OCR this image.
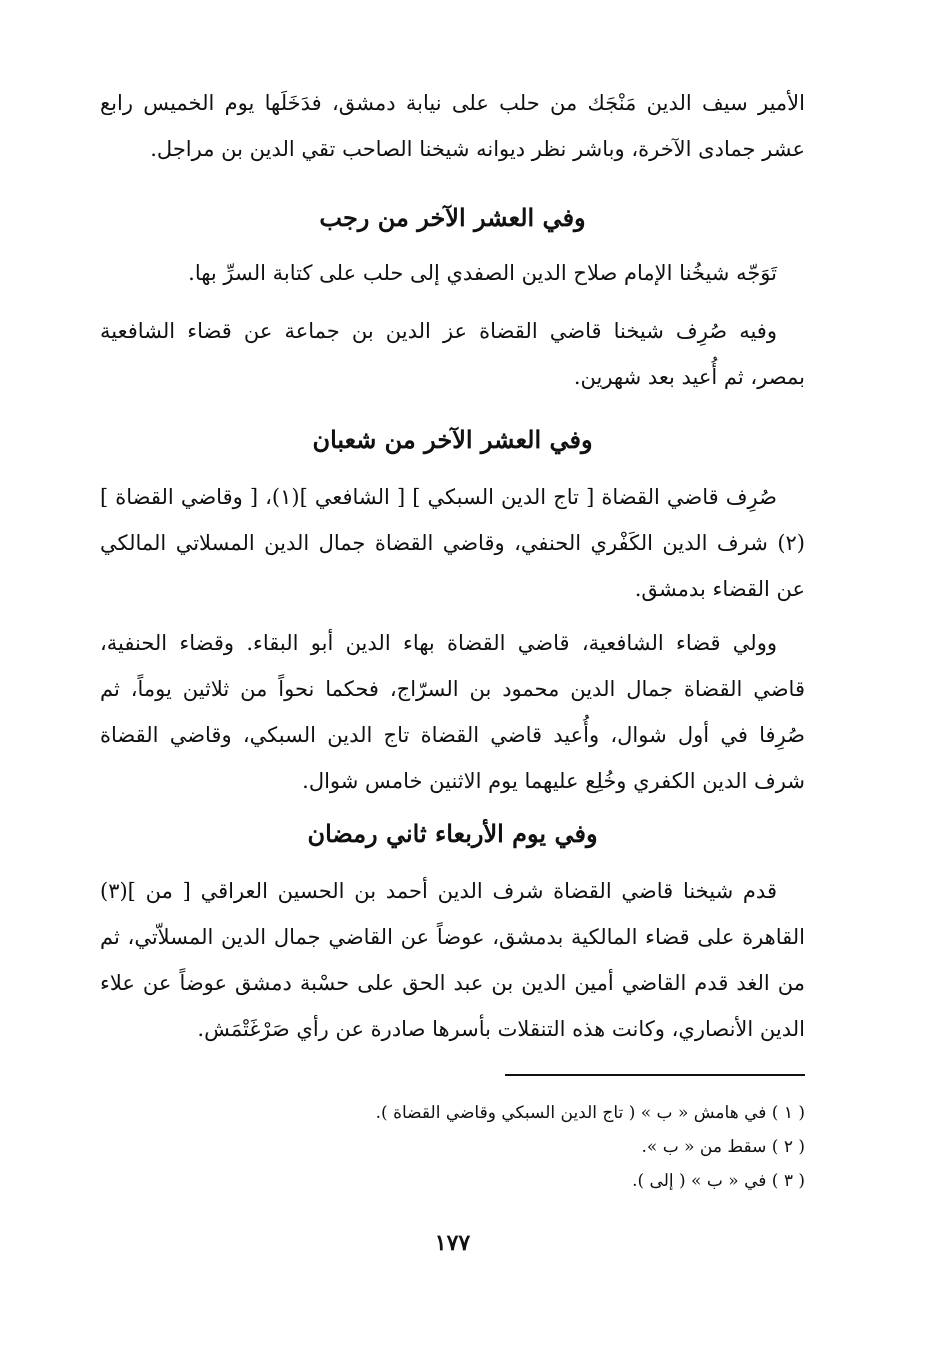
الأمير سيف الدين مَنْجَك من حلب على نيابة دمشق، فدَخَلَها يوم الخميس رابع عشر جمادى الآخرة، وباشر نظر ديوانه شيخنا الصاحب تقي الدين بن مراجل.

وفي العشر الآخر من رجب

تَوَجّه شيخُنا الإمام صلاح الدين الصفدي إلى حلب على كتابة السرِّ بها.

وفيه صُرِف شيخنا قاضي القضاة عز الدين بن جماعة عن قضاء الشافعية بمصر، ثم أُعيد بعد شهرين.

وفي العشر الآخر من شعبان

صُرِف قاضي القضاة [ تاج الدين السبكي ] [ الشافعي ](١)، [ وقاضي القضاة ](٢) شرف الدين الكَفْري الحنفي، وقاضي القضاة جمال الدين المسلاتي المالكي عن القضاء بدمشق.

وولي قضاء الشافعية، قاضي القضاة بهاء الدين أبو البقاء. وقضاء الحنفية، قاضي القضاة جمال الدين محمود بن السرّاج، فحكما نحواً من ثلاثين يوماً، ثم صُرِفا في أول شوال، وأُعيد قاضي القضاة تاج الدين السبكي، وقاضي القضاة شرف الدين الكفري وخُلِع عليهما يوم الاثنين خامس شوال.

وفي يوم الأربعاء ثاني رمضان

قدم شيخنا قاضي القضاة شرف الدين أحمد بن الحسين العراقي [ من ](٣) القاهرة على قضاء المالكية بدمشق، عوضاً عن القاضي جمال الدين المسلاّتي، ثم من الغد قدم القاضي أمين الدين بن عبد الحق على حسْبة دمشق عوضاً عن علاء الدين الأنصاري، وكانت هذه التنقلات بأسرها صادرة عن رأي صَرْغَتْمَش.

( ١ ) في هامش « ب » ( تاج الدين السبكي وقاضي القضاة ).

( ٢ ) سقط من « ب ».

( ٣ ) في « ب » ( إلى ).

١٧٧
